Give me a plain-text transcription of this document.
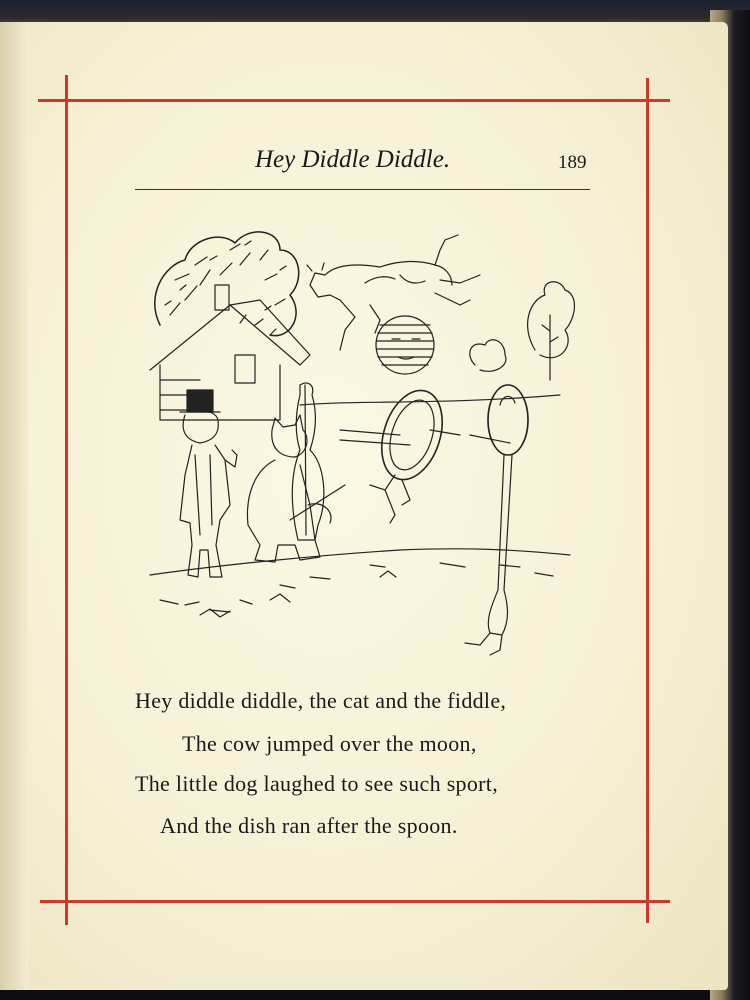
Hey Diddle Diddle.	189
Hey diddle diddle, the cat and the fiddle,
The cow jumped over the moon,
The little dog laughed to see such sport,
And the dish ran after the spoon.
